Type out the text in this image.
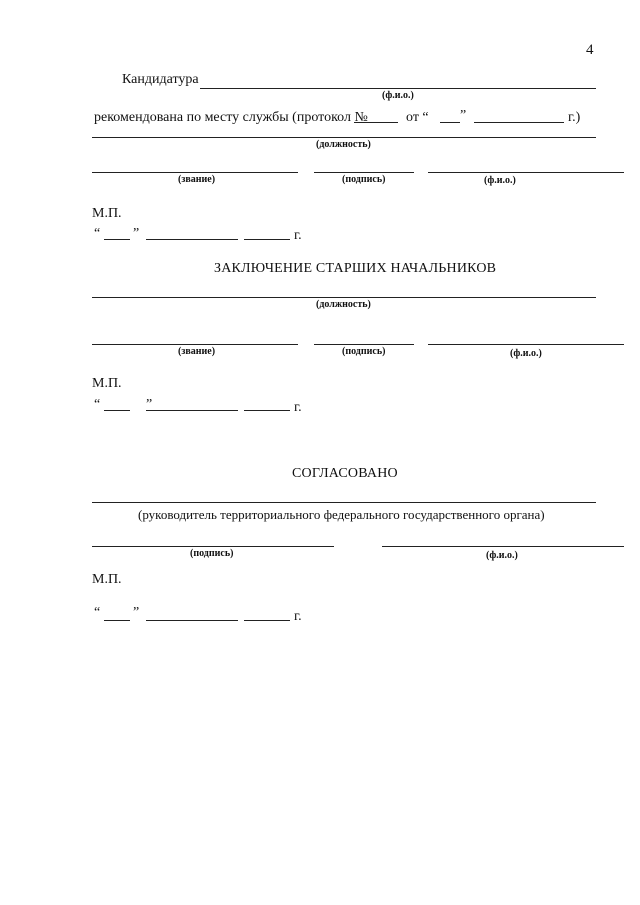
4
Кандидатура
(ф.и.о.)
рекомендована по месту службы (протокол №	от “ ”	г.)
(должность)
(звание)	(подпись)	(ф.и.о.)
М.П.
“ ”	г.
ЗАКЛЮЧЕНИЕ СТАРШИХ НАЧАЛЬНИКОВ
(должность)
(звание)	(подпись)	(ф.и.о.)
М.П.
“	”	г.
СОГЛАСОВАНО
(руководитель территориального федерального государственного органа)
(подпись)	(ф.и.о.)
М.П.
“ ”	г.
